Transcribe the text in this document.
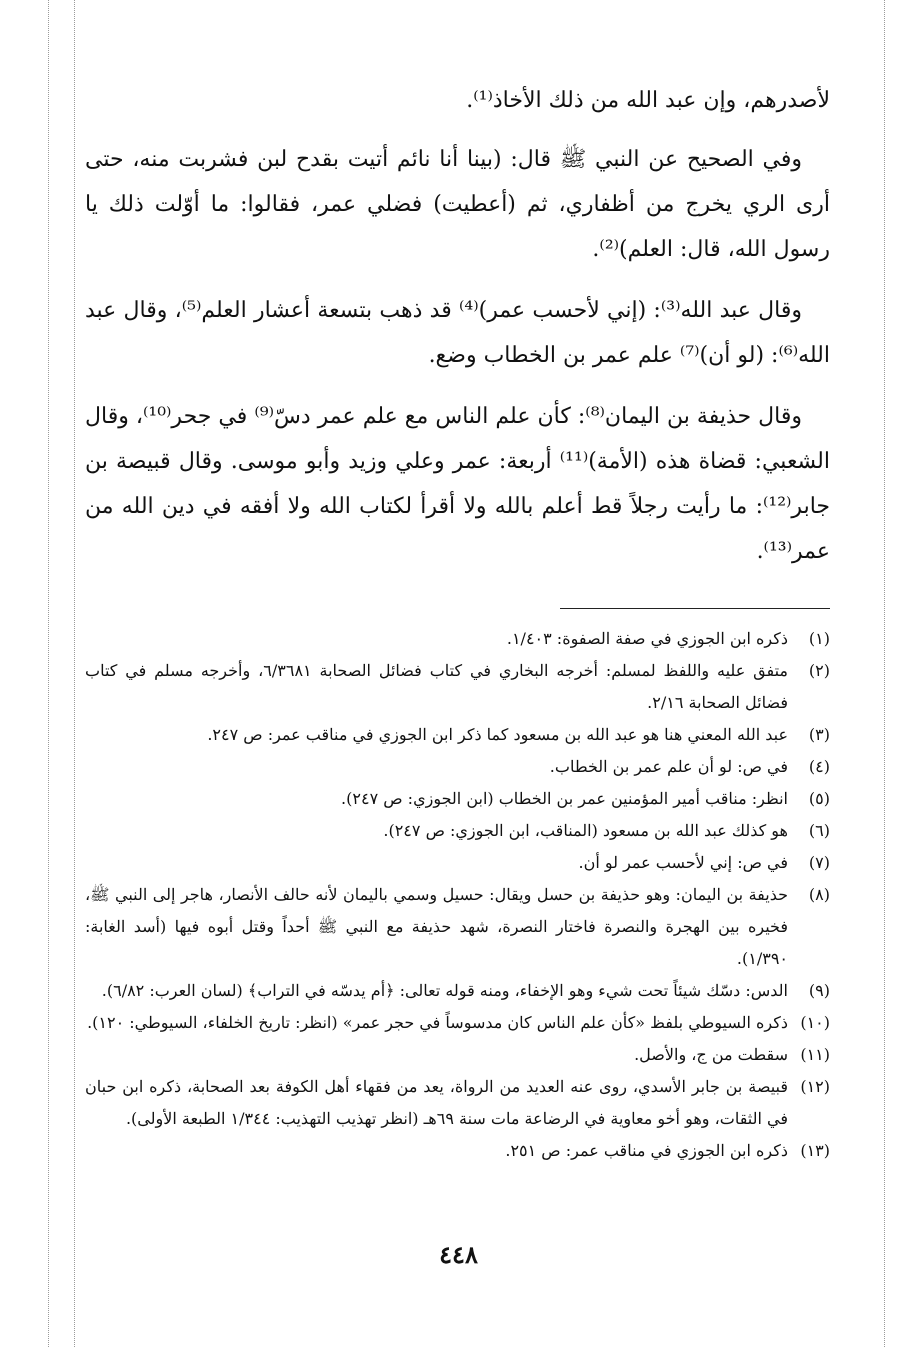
لأصدرهم، وإن عبد الله من ذلك الأخاذ⁽¹⁾.

وفي الصحيح عن النبي ﷺ قال: (بينا أنا نائم أتيت بقدح لبن فشربت منه، حتى أرى الري يخرج من أظفاري، ثم (أعطيت) فضلي عمر، فقالوا: ما أوّلت ذلك يا رسول الله، قال: العلم)⁽²⁾.

وقال عبد الله⁽³⁾: (إني لأحسب عمر)⁽⁴⁾ قد ذهب بتسعة أعشار العلم⁽⁵⁾، وقال عبد الله⁽⁶⁾: (لو أن)⁽⁷⁾ علم عمر بن الخطاب وضع.

وقال حذيفة بن اليمان⁽⁸⁾: كأن علم الناس مع علم عمر دسّ⁽⁹⁾ في جحر⁽¹⁰⁾، وقال الشعبي: قضاة هذه (الأمة)⁽¹¹⁾ أربعة: عمر وعلي وزيد وأبو موسى. وقال قبيصة بن جابر⁽¹²⁾: ما رأيت رجلاً قط أعلم بالله ولا أقرأ لكتاب الله ولا أفقه في دين الله من عمر⁽¹³⁾.

(١)
ذكره ابن الجوزي في صفة الصفوة: ١/٤٠٣.
(٢)
متفق عليه واللفظ لمسلم: أخرجه البخاري في كتاب فضائل الصحابة ٦/٣٦٨١، وأخرجه مسلم في كتاب فضائل الصحابة ٢/١٦.
(٣)
عبد الله المعني هنا هو عبد الله بن مسعود كما ذكر ابن الجوزي في مناقب عمر: ص ٢٤٧.
(٤)
في ص: لو أن علم عمر بن الخطاب.
(٥)
انظر: مناقب أمير المؤمنين عمر بن الخطاب (ابن الجوزي: ص ٢٤٧).
(٦)
هو كذلك عبد الله بن مسعود (المناقب، ابن الجوزي: ص ٢٤٧).
(٧)
في ص: إني لأحسب عمر لو أن.
(٨)
حذيفة بن اليمان: وهو حذيفة بن حسل ويقال: حسيل وسمي باليمان لأنه حالف الأنصار، هاجر إلى النبي ﷺ، فخيره بين الهجرة والنصرة فاختار النصرة، شهد حذيفة مع النبي ﷺ أحداً وقتل أبوه فيها (أسد الغابة: ١/٣٩٠).
(٩)
الدس: دسّك شيئاً تحت شيء وهو الإخفاء، ومنه قوله تعالى: ﴿أم يدسّه في التراب﴾ (لسان العرب: ٦/٨٢).
(١٠)
ذكره السيوطي بلفظ «كأن علم الناس كان مدسوساً في حجر عمر» (انظر: تاريخ الخلفاء، السيوطي: ١٢٠).
(١١)
سقطت من ج، والأصل.
(١٢)
قبيصة بن جابر الأسدي، روى عنه العديد من الرواة، يعد من فقهاء أهل الكوفة بعد الصحابة، ذكره ابن حبان في الثقات، وهو أخو معاوية في الرضاعة مات سنة ٦٩هـ (انظر تهذيب التهذيب: ١/٣٤٤ الطبعة الأولى).
(١٣)
ذكره ابن الجوزي في مناقب عمر: ص ٢٥١.
٤٤٨
